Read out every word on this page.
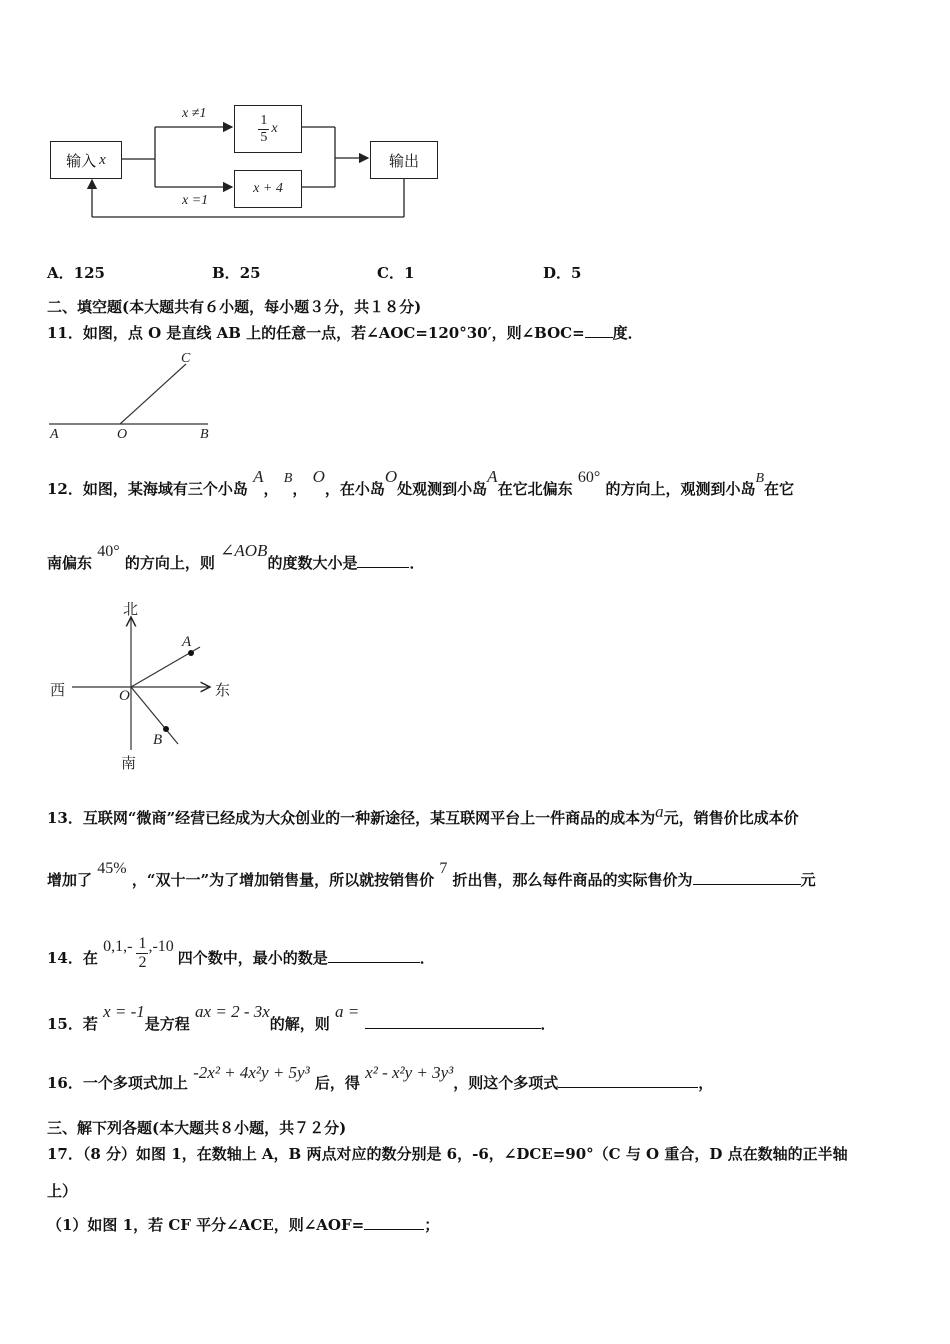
输入 x
$\frac{1}{5}$ x
x + 4
输出
x ≠1
x =1
A．125	B．25	C．1	D．5
二、填空题(本大题共有６小题，每小题３分，共１８分)
11．如图，点 O 是直线 AB 上的任意一点，若∠AOC=120°30′，则∠BOC= 度．
A	O	B
C
12．如图，某海域有三个小岛 A， B， O，在小岛O处观测到小岛A在它北偏东 60° 的方向上，观测到小岛B在它
南偏东 40° 的方向上，则 ∠AOB的度数大小是	．
北
南
西	东
O
A
B
13．互联网“微商”经营已经成为大众创业的一种新途径，某互联网平台上一件商品的成本为a元，销售价比成本价
增加了 45% ，“双十一”为了增加销售量，所以就按销售价 7 折出售，那么每件商品的实际售价为	元
14．在 $0,1,- \frac{1}{2} ,-10$ 四个数中，最小的数是	．
15．若 x = -1是方程 ax = 2 - 3x的解，则 a = ．
16．一个多项式加上 -2x² + 4x²y + 5y³ 后，得 x² - x²y + 3y³，则这个多项式	，
三、解下列各题(本大题共８小题，共７２分)
17．（8 分）如图 1，在数轴上 A，B 两点对应的数分别是 6，-6，∠DCE=90°（C 与 O 重合，D 点在数轴的正半轴
上）
（1）如图 1，若 CF 平分∠ACE，则∠AOF=	；
